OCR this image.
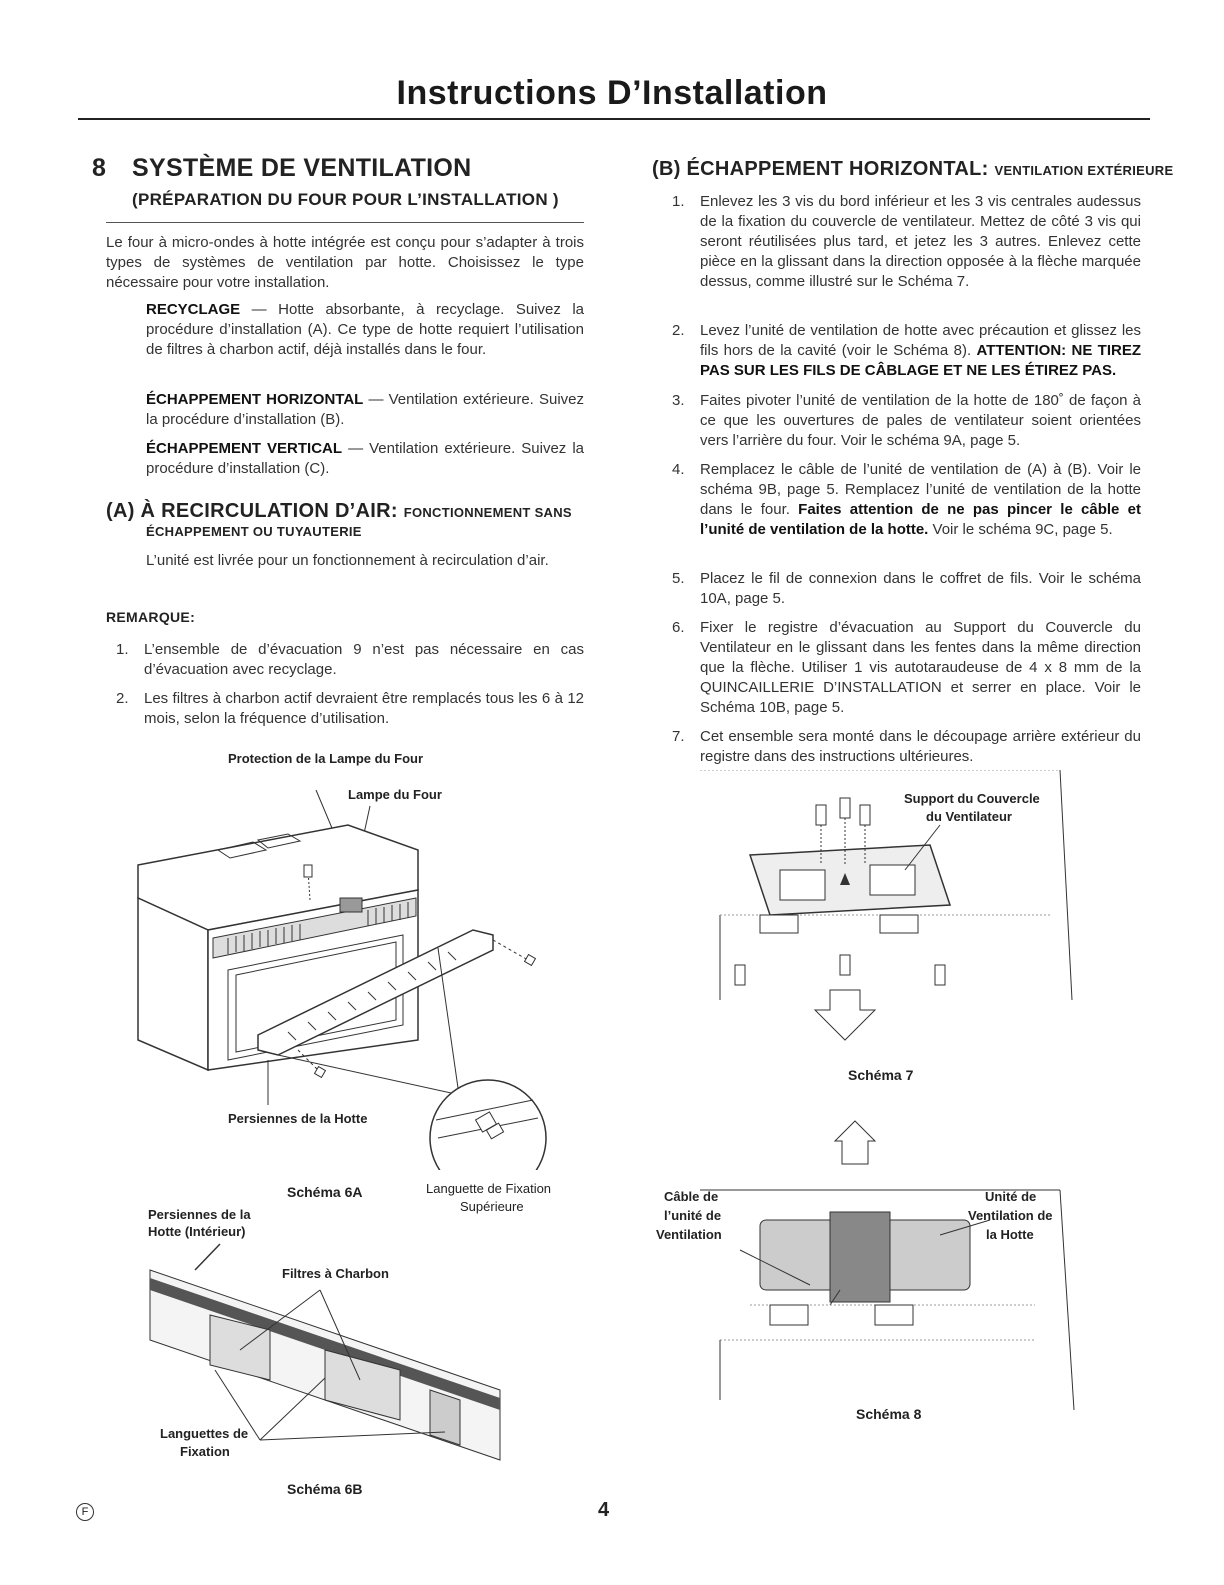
Instructions D’Installation
8 SYSTÈME DE VENTILATION
(PRÉPARATION DU FOUR POUR L’INSTALLATION )
Le four à micro-ondes à hotte intégrée est conçu pour s’adapter à trois types de systèmes de ventilation par hotte. Choisissez le type nécessaire pour votre installation.
RECYCLAGE — Hotte absorbante, à recyclage. Suivez la procédure d’installation (A). Ce type de hotte requiert l’utilisation de filtres à charbon actif, déjà installés dans le four.
ÉCHAPPEMENT HORIZONTAL — Ventilation extérieure. Suivez la procédure d’installation (B).
ÉCHAPPEMENT VERTICAL — Ventilation extérieure. Suivez la procédure d’installation (C).
(A) À RECIRCULATION D’AIR: FONCTIONNEMENT SANS
ÉCHAPPEMENT OU TUYAUTERIE
L’unité est livrée pour un fonctionnement à recirculation d’air.
REMARQUE:
1. L’ensemble de d’évacuation 9 n’est pas nécessaire en cas d’évacuation avec recyclage.
2. Les filtres à charbon actif devraient être remplacés tous les 6 à 12 mois, selon la fréquence d’utilisation.
Protection de la Lampe du Four
Lampe du Four
Persiennes de la Hotte
Schéma 6A	Languette de Fixation
Supérieure
Persiennes de la
Hotte (Intérieur)
Filtres à Charbon
Languettes de
Fixation
Schéma 6B
(B) ÉCHAPPEMENT HORIZONTAL: VENTILATION EXTÉRIEURE
1. Enlevez les 3 vis du bord inférieur et les 3 vis centrales audessus de la fixation du couvercle de ventilateur. Mettez de côté 3 vis qui seront réutilisées plus tard, et jetez les 3 autres. Enlevez cette pièce en la glissant dans la direction opposée à la flèche marquée dessus, comme illustré sur le Schéma 7.
2. Levez l’unité de ventilation de hotte avec précaution et glissez les fils hors de la cavité (voir le Schéma 8). ATTENTION: NE TIREZ PAS SUR LES FILS DE CÂBLAGE ET NE LES ÉTIREZ PAS.
3. Faites pivoter l’unité de ventilation de la hotte de 180˚ de façon à ce que les ouvertures de pales de ventilateur soient orientées vers l’arrière du four. Voir le schéma 9A, page 5.
4. Remplacez le câble de l’unité de ventilation de (A) à (B). Voir le schéma 9B, page 5. Remplacez l’unité de ventilation de la hotte dans le four. Faites attention de ne pas pincer le câble et l’unité de ventilation de la hotte. Voir le schéma 9C, page 5.
5. Placez le fil de connexion dans le coffret de fils. Voir le schéma 10A, page 5.
6. Fixer le registre d’évacuation au Support du Couvercle du Ventilateur en le glissant dans les fentes dans la même direction que la flèche. Utiliser 1 vis autotaraudeuse de 4 x 8 mm de la QUINCAILLERIE D’INSTALLATION et serrer en place. Voir le Schéma 10B, page 5.
7. Cet ensemble sera monté dans le découpage arrière extérieur du registre dans des instructions ultérieures.
Support du Couvercle
du Ventilateur
Schéma 7
Câble de
l’unité de
Ventilation
Unité de
Ventilation de
la Hotte
Schéma 8
F	4
